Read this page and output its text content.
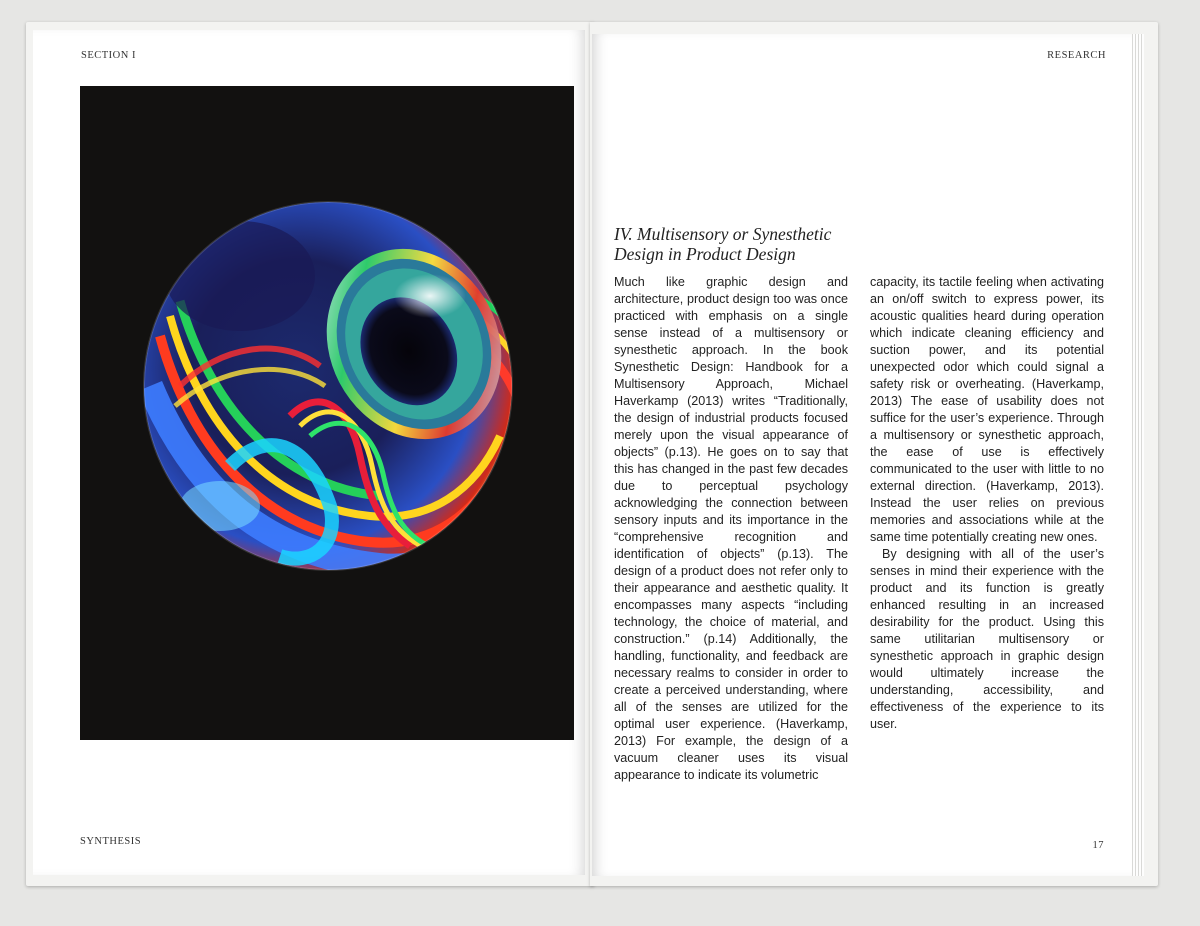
SECTION I
SYNTHESIS
RESEARCH
IV. Multisensory or Synesthetic
Design in Product Design

Much like graphic design and architecture, product design too was once practiced with emphasis on a single sense instead of a multisensory or synesthetic approach. In the book Synesthetic Design: Handbook for a Multisensory Approach, Michael Haverkamp (2013) writes “Traditionally, the design of industrial products focused merely upon the visual appearance of objects” (p.13). He goes on to say that this has changed in the past few decades due to perceptual psychology acknowledging the connection between sensory inputs and its importance in the “comprehensive recognition and identification of objects” (p.13). The design of a product does not refer only to their appearance and aesthetic quality. It encompasses many aspects “including technology, the choice of material, and construction.” (p.14) Additionally, the handling, functionality, and feedback are necessary realms to consider in order to create a perceived understanding, where all of the senses are utilized for the optimal user experience. (Haverkamp, 2013) For example, the design of a vacuum cleaner uses its visual appearance to indicate its volumetric

capacity, its tactile feeling when activating an on/off switch to express power, its acoustic qualities heard during operation which indicate cleaning efficiency and suction power, and its potential unexpected odor which could signal a safety risk or overheating. (Haverkamp, 2013) The ease of usability does not suffice for the user’s experience. Through a multisensory or synesthetic approach, the ease of use is effectively communicated to the user with little to no external direction. (Haverkamp, 2013). Instead the user relies on previous memories and associations while at the same time potentially creating new ones.

By designing with all of the user’s senses in mind their experience with the product and its function is greatly enhanced resulting in an increased desirability for the product. Using this same utilitarian multisensory or synesthetic approach in graphic design would ultimately increase the understanding, accessibility, and effectiveness of the experience to its user.

17
